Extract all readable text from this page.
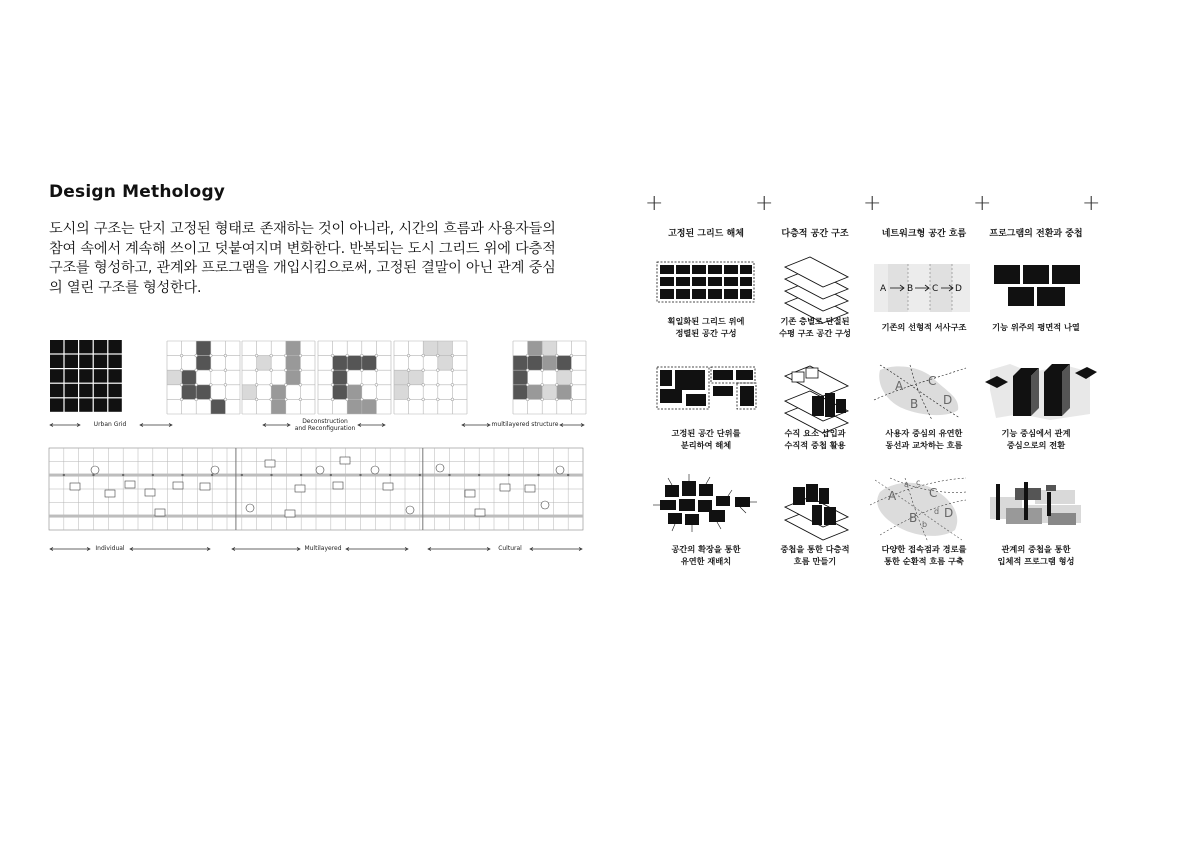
Design Methology
도시의 구조는 단지 고정된 형태로 존재하는 것이 아니라, 시간의 흐름과 사용자들의
참여 속에서 계속해 쓰이고 덧붙여지며 변화한다. 반복되는 도시 그리드 위에 다층적
구조를 형성하고, 관계와 프로그램을 개입시킴으로써, 고정된 결말이 아닌 관계 중심
의 열린 구조를 형성한다.
Urban Grid	Deconstruction
and Reconfiguration
multilayered structure
Individual	Multilayered	Cultural
+	+	+	+	+
고정된 그리드 해체	다층적 공간 구조	네트워크형 공간 흐름	프로그램의 전환과 중첩
A B C D
A C
B D
A
a c
C
B b
d D
획일화된 그리드 위에
정렬된 공간 구성
기존 층별로 단절된
수평 구조 공간 구성
기존의 선형적 서사구조	기능 위주의 평면적 나열
고정된 공간 단위를
분리하여 해체
수직 요소 삽입과
수직적 중첩 활용
사용자 중심의 유연한
동선과 교차하는 흐름
기능 중심에서 관계
중심으로의 전환
공간의 확장을 통한
유연한 재배치
중첩을 통한 다층적
흐름 만들기
다양한 접속점과 경로를
통한 순환적 흐름 구축
관계의 중첩을 통한
입체적 프로그램 형성
